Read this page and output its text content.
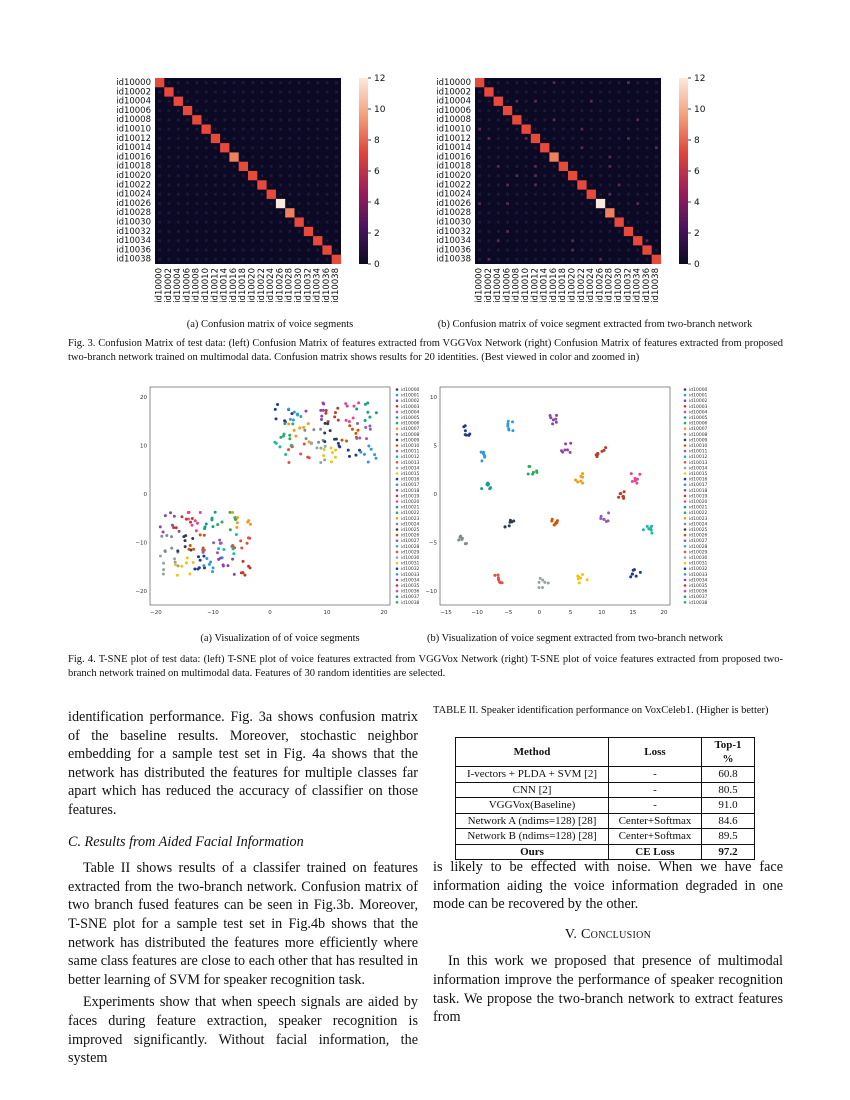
id10000
id10002
id10004
id10006
id10008
id10010
id10012
id10014
id10016
id10018
id10020
id10022
id10024
id10026
id10028
id10030
id10032
id10034
id10036
id10038
id10000 id10002 id10004 id10006 id10008 id10010 id10012 id10014 id10016 id10018 id10020 id10022 id10024 id10026 id10028 id10030 id10032 id10034 id10036 id10038
12
10
8
6
4
2
0
id10000
id10002
id10004
id10006
id10008
id10010
id10012
id10014
id10016
id10018
id10020
id10022
id10024
id10026
id10028
id10030
id10032
id10034
id10036
id10038
id10000 id10002 id10004 id10006 id10008 id10010 id10012 id10014 id10016 id10018 id10020 id10022 id10024 id10026 id10028 id10030 id10032 id10034 id10036 id10038
12
10
8
6
4
2
0
(a) Confusion matrix of voice segments	(b) Confusion matrix of voice segment extracted from two-branch network
Fig. 3. Confusion Matrix of test data: (left) Confusion Matrix of features extracted from VGGVox Network (right) Confusion Matrix of features extracted from proposed two-branch network trained on multimodal data. Confusion matrix shows results for 20 identities. (Best viewed in color and zoomed in)
−20	−10	0	10	20
20
10
0
−10
−20
id10000
id10001
id10002
id10003
id10004
id10005
id10006
id10007
id10008
id10009
id10010
id10011
id10012
id10013
id10014
id10015
id10016
id10017
id10018
id10019
id10020
id10021
id10022
id10023
id10024
id10025
id10026
id10027
id10028
id10029
id10030
id10031
id10032
id10033
id10034
id10035
id10036
id10037
id10038
−15	−10	−5	0	5	10	15	20
10
5
0
−5
−10
id10000
id10001
id10002
id10003
id10004
id10005
id10006
id10007
id10008
id10009
id10010
id10011
id10012
id10013
id10014
id10015
id10016
id10017
id10018
id10019
id10020
id10021
id10022
id10023
id10024
id10025
id10026
id10027
id10028
id10029
id10030
id10031
id10032
id10033
id10034
id10035
id10036
id10037
id10038
(a) Visualization of of voice segments	(b) Visualization of voice segment extracted from two-branch network
Fig. 4. T-SNE plot of test data: (left) T-SNE plot of voice features extracted from VGGVox Network (right) T-SNE plot of voice features extracted from proposed two-branch network trained on multimodal data. Features of 30 random identities are selected.

identification performance. Fig. 3a shows confusion matrix of the baseline results. Moreover, stochastic neighbor embedding for a sample test set in Fig. 4a shows that the network has distributed the features for multiple classes far apart which has reduced the accuracy of classifier on those features.

C. Results from Aided Facial Information

Table II shows results of a classifer trained on features extracted from the two-branch network. Confusion matrix of two branch fused features can be seen in Fig.3b. Moreover, T-SNE plot for a sample test set in Fig.4b shows that the network has distributed the features more efficiently where same class features are close to each other that has resulted in better learning of SVM for speaker recognition task.

Experiments show that when speech signals are aided by faces during feature extraction, speaker recognition is improved significantly. Without facial information, the system

TABLE II. Speaker identification performance on VoxCeleb1. (Higher is better)
Method	Loss	Top-1 %
I-vectors + PLDA + SVM [2]	-	60.8
CNN [2]	-	80.5
VGGVox(Baseline)	-	91.0
Network A (ndims=128) [28]	Center+Softmax	84.6
Network B (ndims=128) [28]	Center+Softmax	89.5
Ours	CE Loss	97.2

is likely to be effected with noise. When we have face information aiding the voice information degraded in one mode can be recovered by the other.

V. Conclusion

In this work we proposed that presence of multimodal information improve the performance of speaker recognition task. We propose the two-branch network to extract features from
